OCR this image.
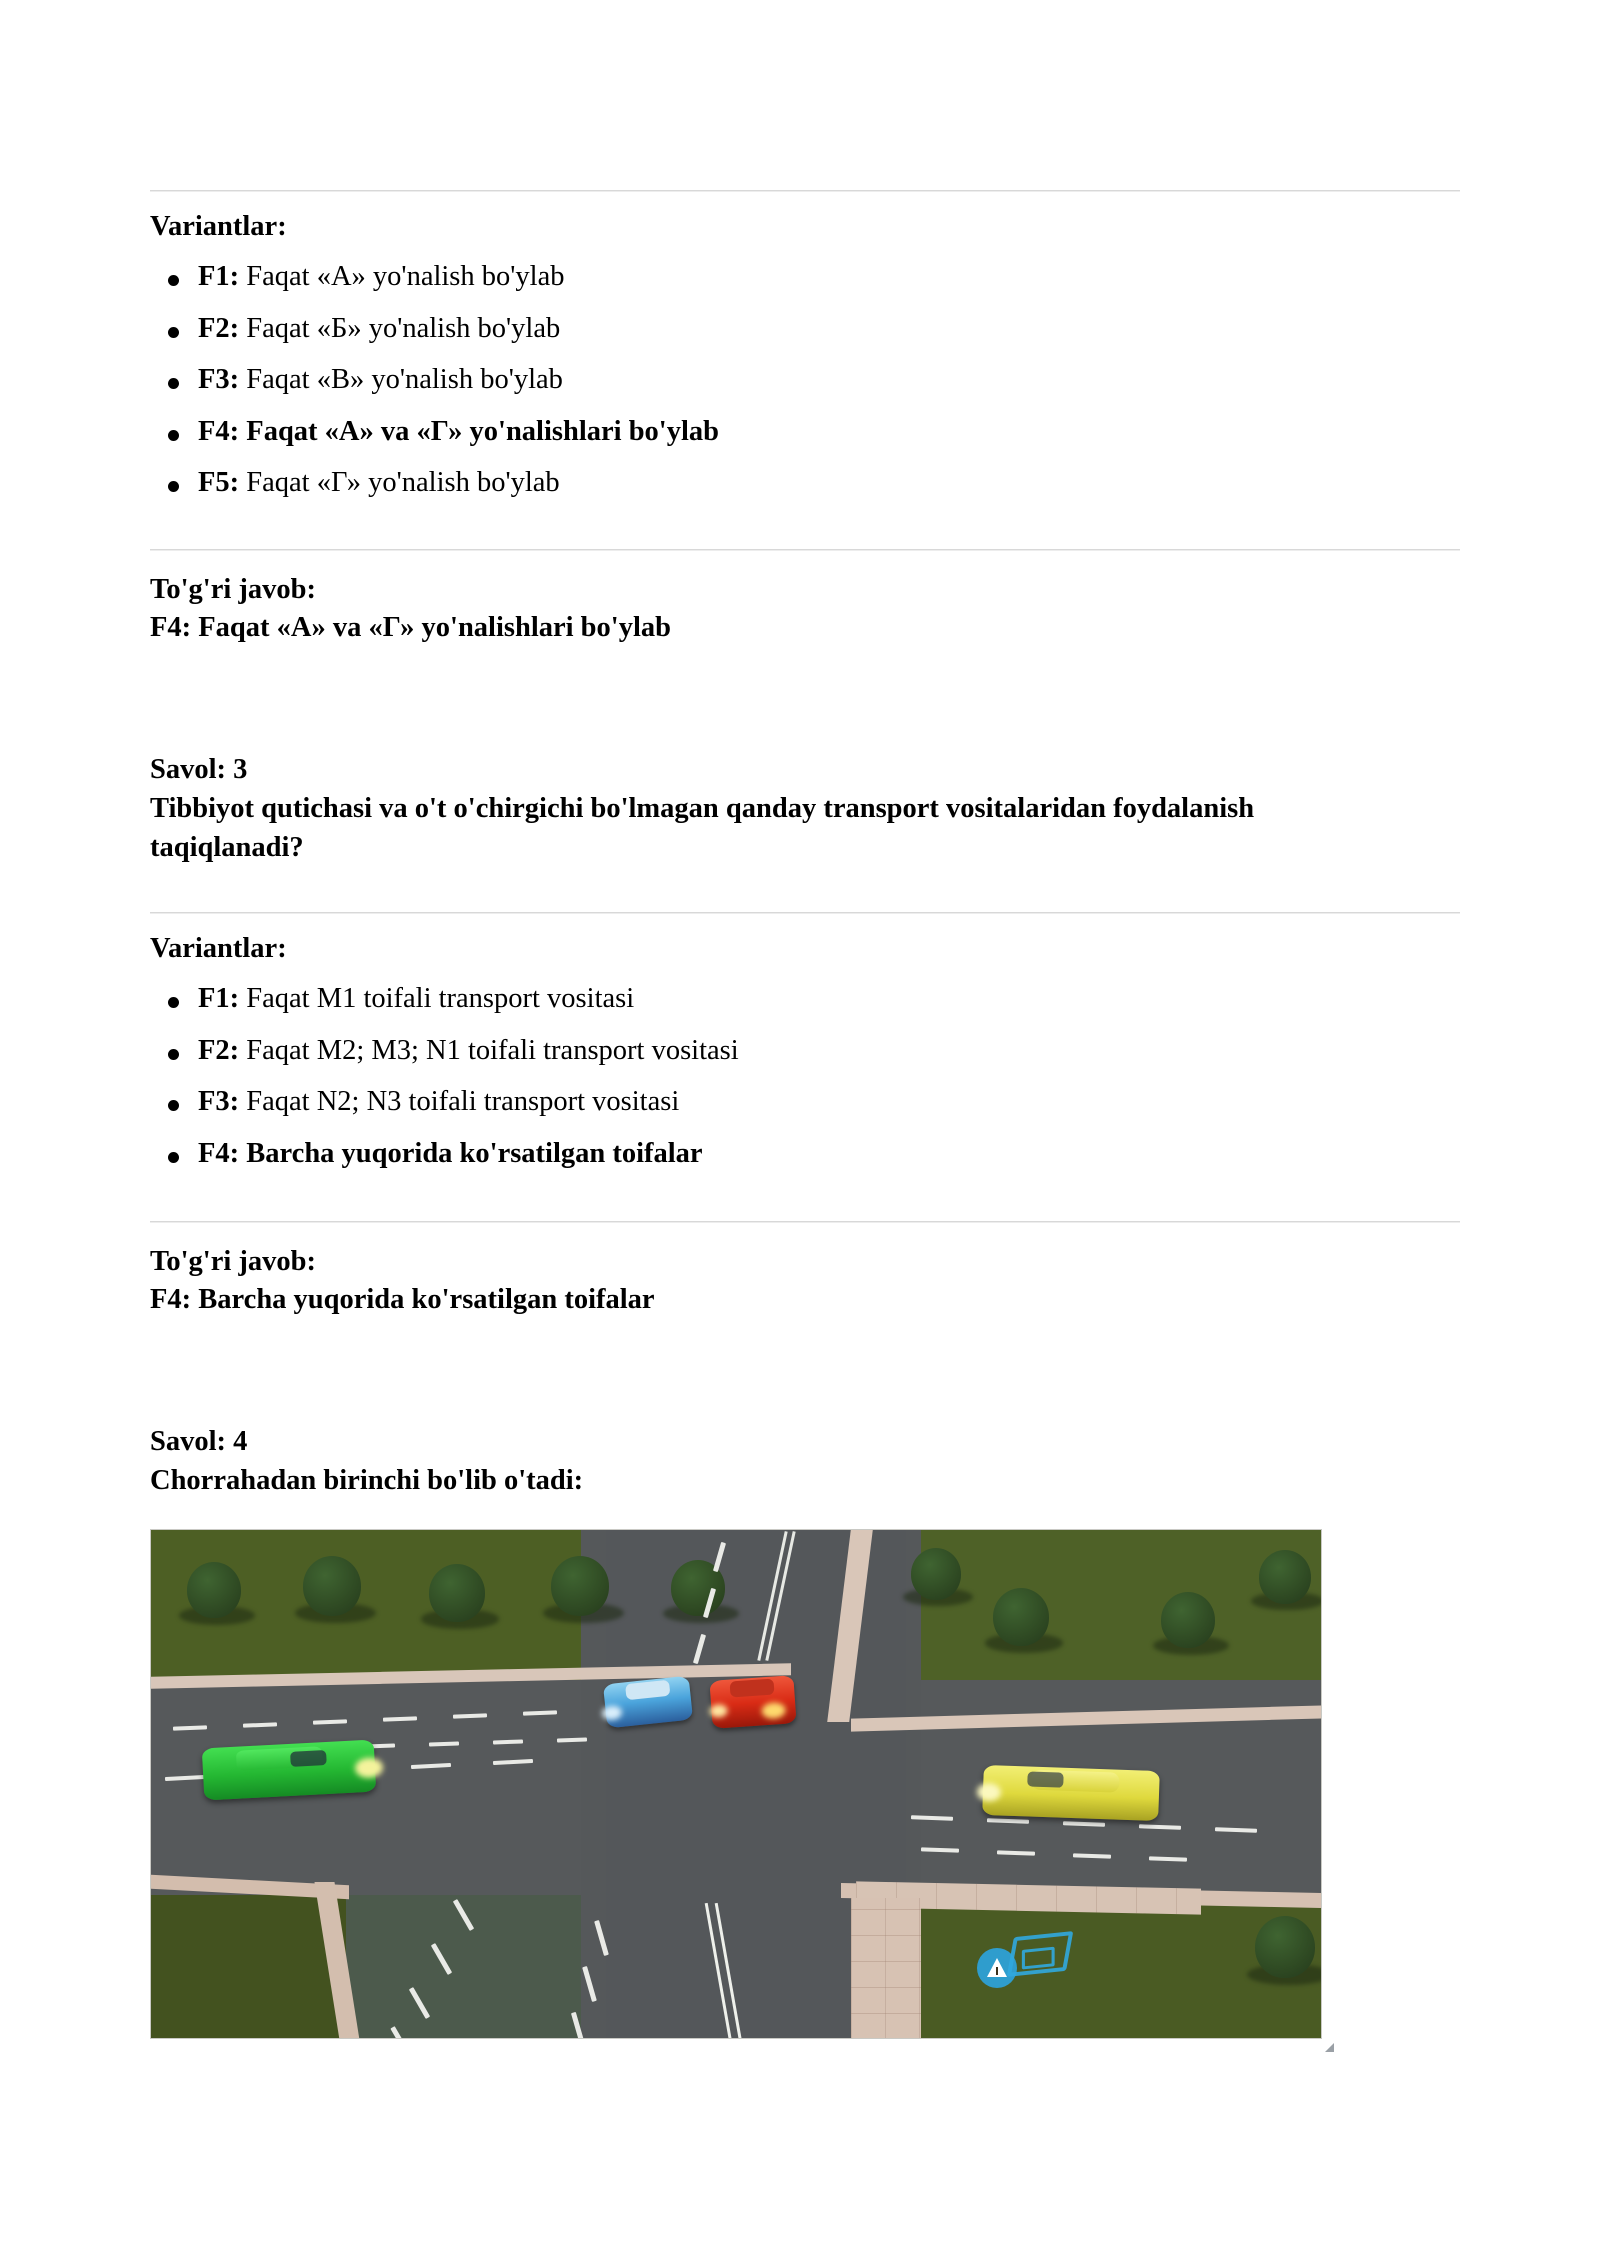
Variantlar:
F1: Faqat «А» yo'nalish bo'ylab
F2: Faqat «Б» yo'nalish bo'ylab
F3: Faqat «В» yo'nalish bo'ylab
F4: Faqat «А» va «Г» yo'nalishlari bo'ylab
F5: Faqat «Г» yo'nalish bo'ylab
To'g'ri javob:
F4: Faqat «А» va «Г» yo'nalishlari bo'ylab
Savol: 3
Tibbiyot qutichasi va o't o'chirgichi bo'lmagan qanday transport vositalaridan foydalanish taqiqlanadi?
Variantlar:
F1: Faqat M1 toifali transport vositasi
F2: Faqat M2; M3; N1 toifali transport vositasi
F3: Faqat N2; N3 toifali transport vositasi
F4: Barcha yuqorida ko'rsatilgan toifalar
To'g'ri javob:
F4: Barcha yuqorida ko'rsatilgan toifalar
Savol: 4
Chorrahadan birinchi bo'lib o'tadi:
